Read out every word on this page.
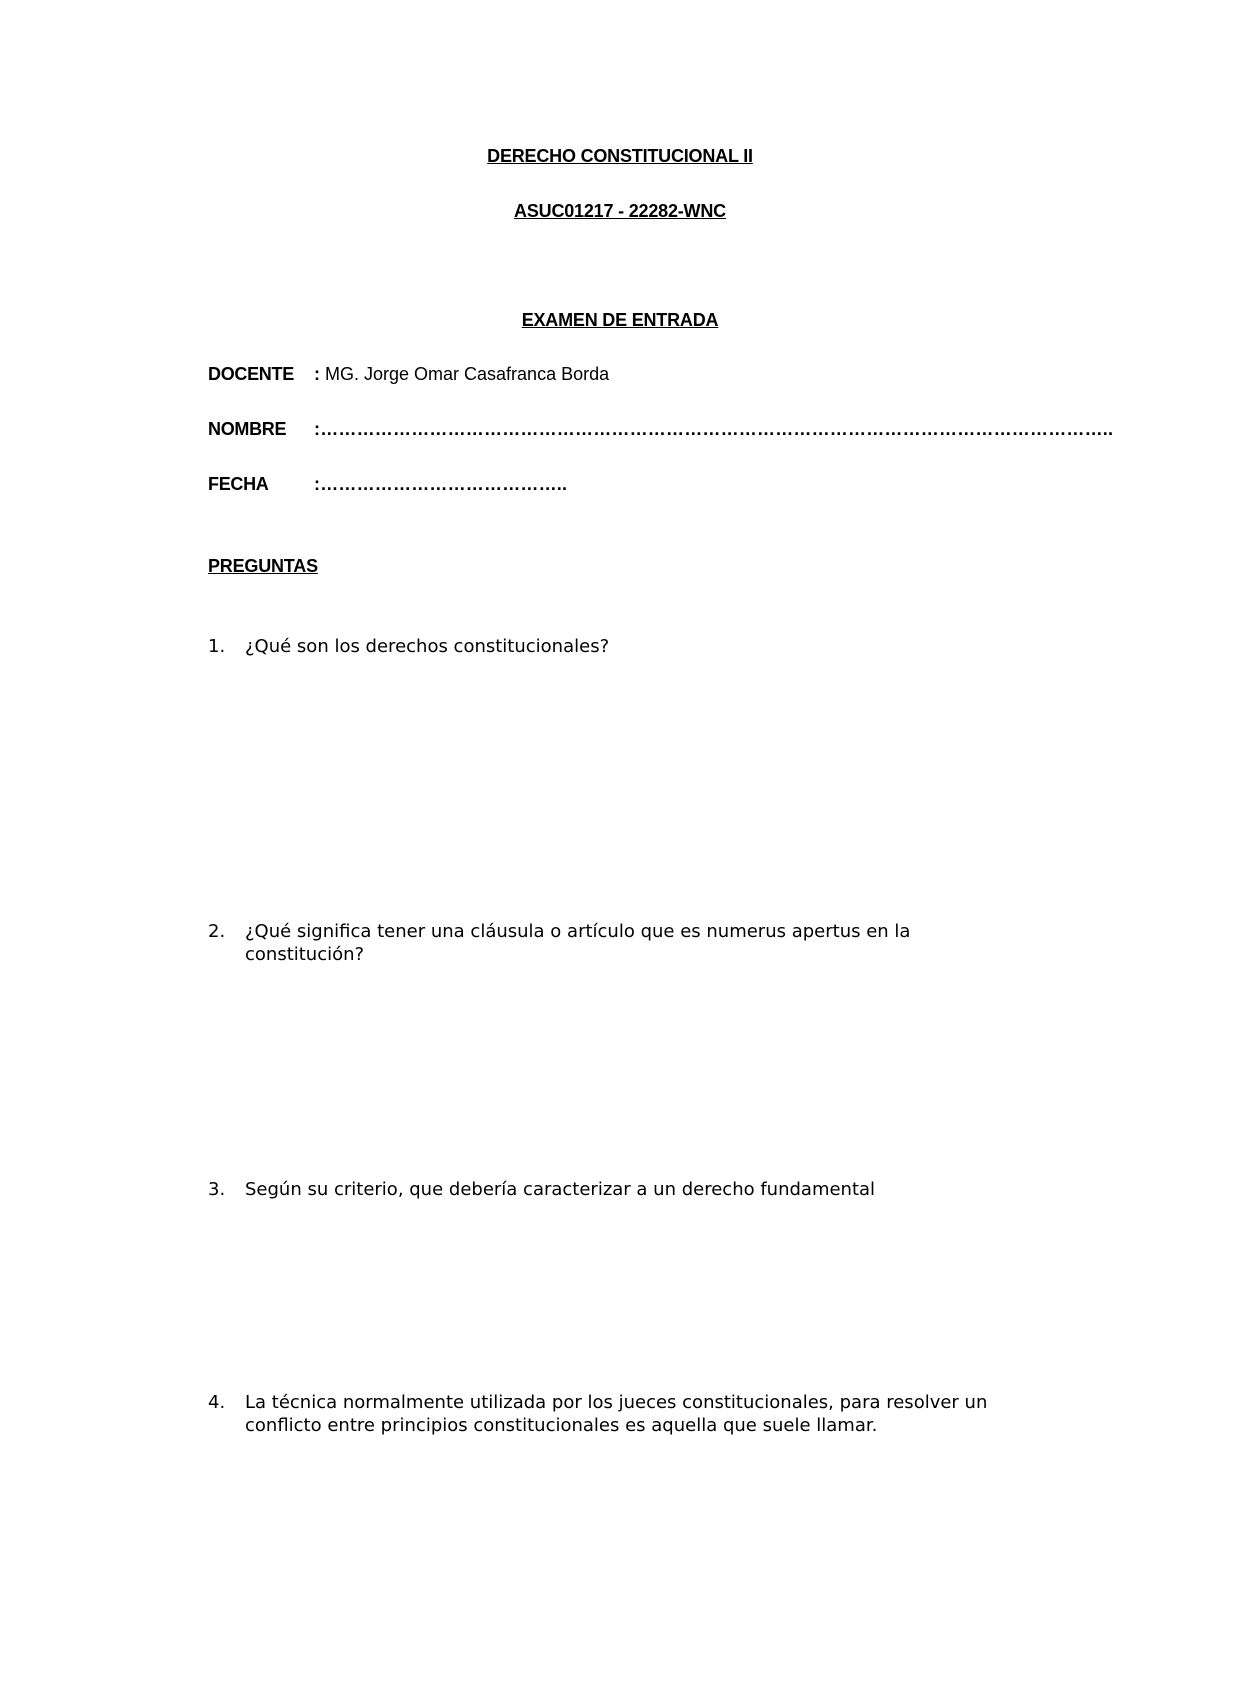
DERECHO CONSTITUCIONAL II
ASUC01217 - 22282-WNC
EXAMEN DE ENTRADA
DOCENTE : MG. Jorge Omar Casafranca Borda
NOMBRE :…………………………………………………………………………………………………………………..
FECHA	:…………………………………..
PREGUNTAS
1. ¿Qué son los derechos constitucionales?
2. ¿Qué significa tener una cláusula o artículo que es numerus apertus en la constitución?
3. Según su criterio, que debería caracterizar a un derecho fundamental
4. La técnica normalmente utilizada por los jueces constitucionales, para resolver un conflicto entre principios constitucionales es aquella que suele llamar.
